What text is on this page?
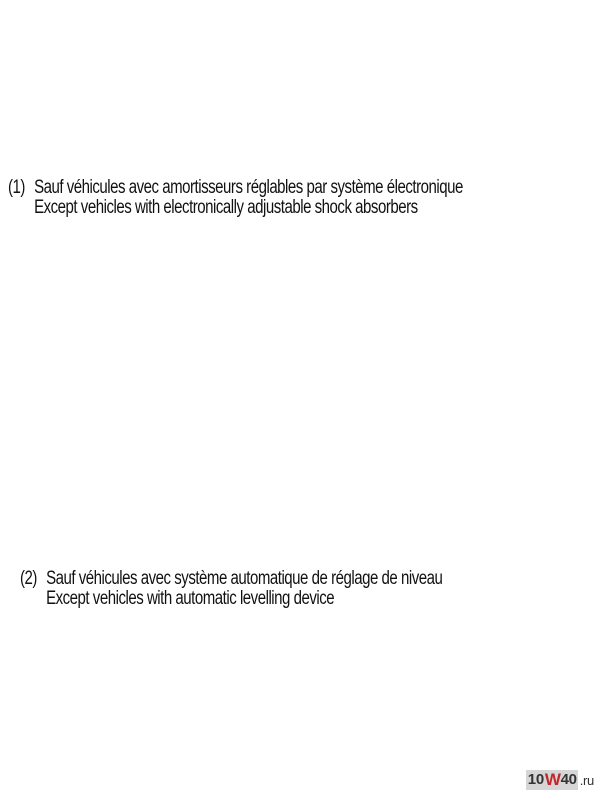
(1) Sauf véhicules avec amortisseurs réglables par système électronique
Except vehicles with electronically adjustable shock absorbers
(2) Sauf véhicules avec système automatique de réglage de niveau
Except vehicles with automatic levelling device
10 W 40 .ru
